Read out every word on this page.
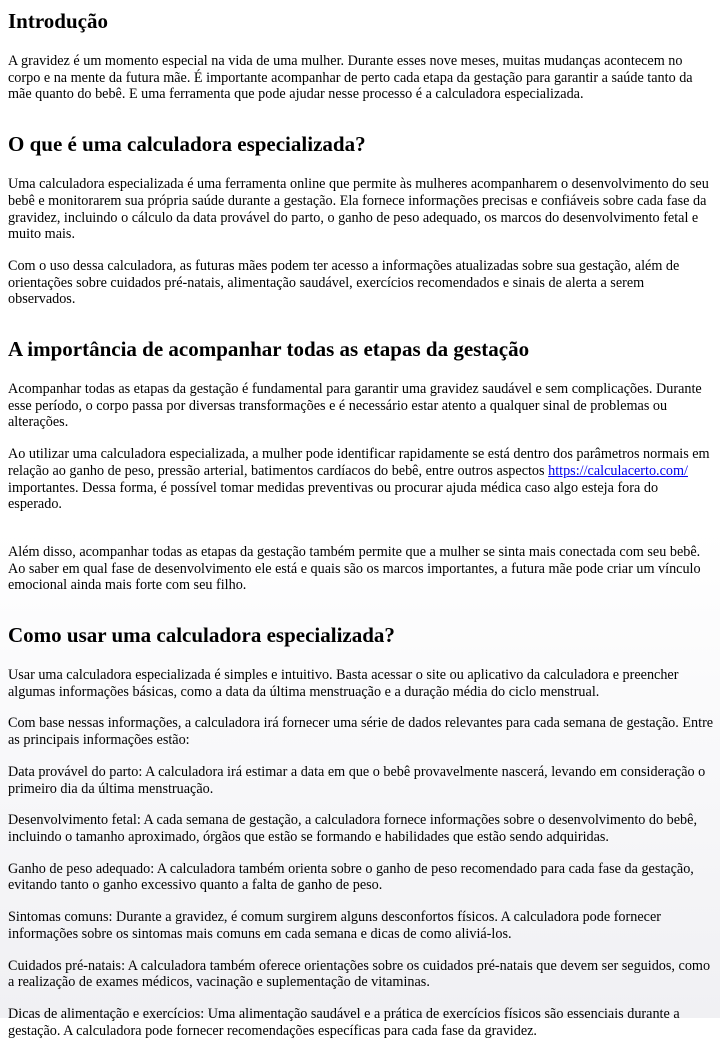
Introdução

A gravidez é um momento especial na vida de uma mulher. Durante esses nove meses, muitas mudanças acontecem no corpo e na mente da futura mãe. É importante acompanhar de perto cada etapa da gestação para garantir a saúde tanto da mãe quanto do bebê. E uma ferramenta que pode ajudar nesse processo é a calculadora especializada.

O que é uma calculadora especializada?

Uma calculadora especializada é uma ferramenta online que permite às mulheres acompanharem o desenvolvimento do seu bebê e monitorarem sua própria saúde durante a gestação. Ela fornece informações precisas e confiáveis sobre cada fase da gravidez, incluindo o cálculo da data provável do parto, o ganho de peso adequado, os marcos do desenvolvimento fetal e muito mais.

Com o uso dessa calculadora, as futuras mães podem ter acesso a informações atualizadas sobre sua gestação, além de orientações sobre cuidados pré-natais, alimentação saudável, exercícios recomendados e sinais de alerta a serem observados.

A importância de acompanhar todas as etapas da gestação

Acompanhar todas as etapas da gestação é fundamental para garantir uma gravidez saudável e sem complicações. Durante esse período, o corpo passa por diversas transformações e é necessário estar atento a qualquer sinal de problemas ou alterações.

Ao utilizar uma calculadora especializada, a mulher pode identificar rapidamente se está dentro dos parâmetros normais em relação ao ganho de peso, pressão arterial, batimentos cardíacos do bebê, entre outros aspectos https://calculacerto.com/ importantes. Dessa forma, é possível tomar medidas preventivas ou procurar ajuda médica caso algo esteja fora do esperado.

Além disso, acompanhar todas as etapas da gestação também permite que a mulher se sinta mais conectada com seu bebê. Ao saber em qual fase de desenvolvimento ele está e quais são os marcos importantes, a futura mãe pode criar um vínculo emocional ainda mais forte com seu filho.

Como usar uma calculadora especializada?

Usar uma calculadora especializada é simples e intuitivo. Basta acessar o site ou aplicativo da calculadora e preencher algumas informações básicas, como a data da última menstruação e a duração média do ciclo menstrual.

Com base nessas informações, a calculadora irá fornecer uma série de dados relevantes para cada semana de gestação. Entre as principais informações estão:

Data provável do parto: A calculadora irá estimar a data em que o bebê provavelmente nascerá, levando em consideração o primeiro dia da última menstruação.

Desenvolvimento fetal: A cada semana de gestação, a calculadora fornece informações sobre o desenvolvimento do bebê, incluindo o tamanho aproximado, órgãos que estão se formando e habilidades que estão sendo adquiridas.

Ganho de peso adequado: A calculadora também orienta sobre o ganho de peso recomendado para cada fase da gestação, evitando tanto o ganho excessivo quanto a falta de ganho de peso.

Sintomas comuns: Durante a gravidez, é comum surgirem alguns desconfortos físicos. A calculadora pode fornecer informações sobre os sintomas mais comuns em cada semana e dicas de como aliviá-los.

Cuidados pré-natais: A calculadora também oferece orientações sobre os cuidados pré-natais que devem ser seguidos, como a realização de exames médicos, vacinação e suplementação de vitaminas.

Dicas de alimentação e exercícios: Uma alimentação saudável e a prática de exercícios físicos são essenciais durante a gestação. A calculadora pode fornecer recomendações específicas para cada fase da gravidez.
